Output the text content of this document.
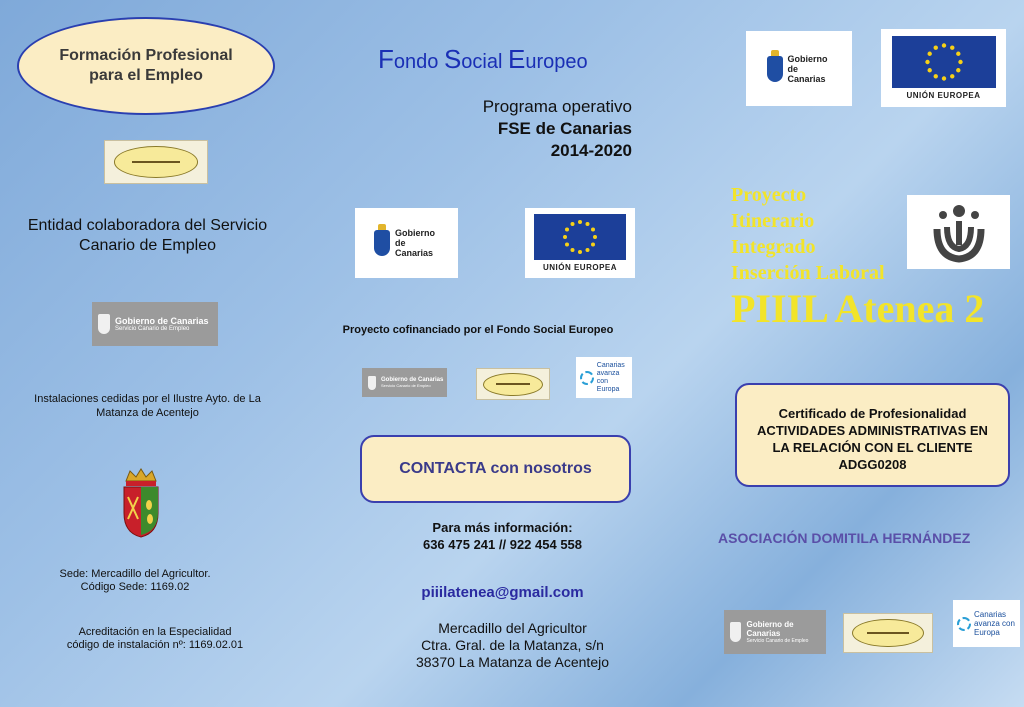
Formación Profesional para el Empleo
Entidad colaboradora del Servicio Canario de Empleo
Gobierno de Canarias
Servicio Canario de Empleo
Instalaciones cedidas por el Ilustre Ayto. de La Matanza de Acentejo
Sede: Mercadillo del Agricultor.
Código Sede: 1169.02
Acreditación en la Especialidad
código de instalación nº: 1169.02.01
Fondo Social Europeo
Programa operativo
FSE de Canarias
2014-2020
Gobierno de Canarias
UNIÓN EUROPEA
Proyecto cofinanciado por el Fondo Social Europeo
Gobierno de Canarias
Servicio Canario de Empleo
Canarias avanza con Europa
CONTACTA con nosotros
Para más información:
636 475 241 // 922 454 558
piiilatenea@gmail.com
Mercadillo del Agricultor
Ctra. Gral. de la Matanza, s/n
38370 La Matanza de Acentejo
Gobierno de Canarias
UNIÓN EUROPEA
Proyecto
Itinerario
Integrado
Inserción Laboral
PIIIL Atenea 2
Certificado de Profesionalidad
ACTIVIDADES ADMINISTRATIVAS EN
LA RELACIÓN CON EL CLIENTE
ADGG0208
ASOCIACIÓN DOMITILA HERNÁNDEZ
Gobierno de Canarias
Servicio Canario de Empleo
Canarias avanza con Europa
